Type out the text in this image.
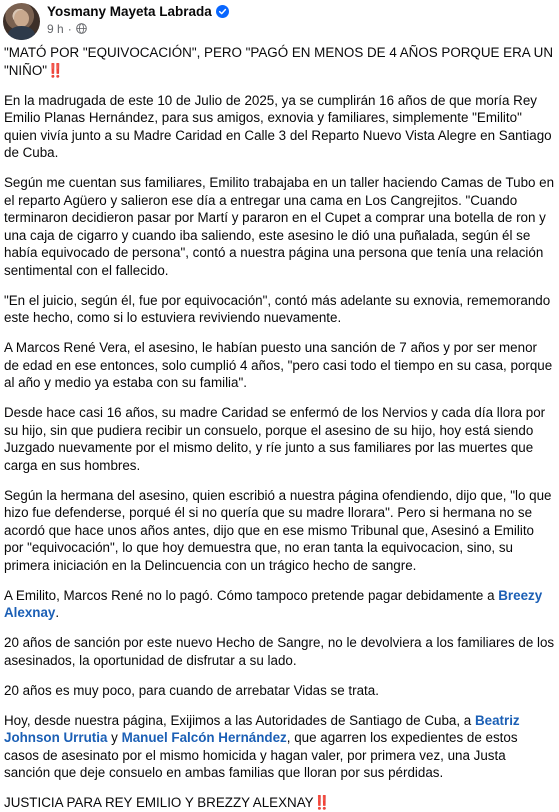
Yosmany Mayeta Labrada
9 h ·

"MATÓ POR "EQUIVOCACIÓN", PERO "PAGÓ EN MENOS DE 4 AÑOS PORQUE ERA UN "NIÑO"‼️

En la madrugada de este 10 de Julio de 2025, ya se cumplirán 16 años de que moría Rey Emilio Planas Hernández, para sus amigos, exnovia y familiares, simplemente "Emilito" quien vivía junto a su Madre Caridad en Calle 3 del Reparto Nuevo Vista Alegre en Santiago de Cuba.

Según me cuentan sus familiares, Emilito trabajaba en un taller haciendo Camas de Tubo en el reparto Agüero y salieron ese día a entregar una cama en Los Cangrejitos. "Cuando terminaron decidieron pasar por Martí y pararon en el Cupet a comprar una botella de ron y una caja de cigarro y cuando iba saliendo, este asesino le dió una puñalada, según él se había equivocado de persona", contó a nuestra página una persona que tenía una relación sentimental con el fallecido.

"En el juicio, según él, fue por equivocación", contó más adelante su exnovia, rememorando este hecho, como si lo estuviera reviviendo nuevamente.

A Marcos René Vera, el asesino, le habían puesto una sanción de 7 años y por ser menor de edad en ese entonces, solo cumplió 4 años, "pero casi todo el tiempo en su casa, porque al año y medio ya estaba con su familia".

Desde hace casi 16 años, su madre Caridad se enfermó de los Nervios y cada día llora por su hijo, sin que pudiera recibir un consuelo, porque el asesino de su hijo, hoy está siendo Juzgado nuevamente por el mismo delito, y ríe junto a sus familiares por las muertes que carga en sus hombres.

Según la hermana del asesino, quien escribió a nuestra página ofendiendo, dijo que, "lo que hizo fue defenderse, porqué él si no quería que su madre llorara". Pero si hermana no se acordó que hace unos años antes, dijo que en ese mismo Tribunal que, Asesinó a Emilito por "equivocación", lo que hoy demuestra que, no eran tanta la equivocacion, sino, su primera iniciación en la Delincuencia con un trágico hecho de sangre.

A Emilito, Marcos René no lo pagó. Cómo tampoco pretende pagar debidamente a Breezy Alexnay.

20 años de sanción por este nuevo Hecho de Sangre, no le devolviera a los familiares de los asesinados, la oportunidad de disfrutar a su lado.

20 años es muy poco, para cuando de arrebatar Vidas se trata.

Hoy, desde nuestra página, Exijimos a las Autoridades de Santiago de Cuba, a Beatriz Johnson Urrutia y Manuel Falcón Hernández, que agarren los expedientes de estos casos de asesinato por el mismo homicida y hagan valer, por primera vez, una Justa sanción que deje consuelo en ambas familias que lloran por sus pérdidas.

JUSTICIA PARA REY EMILIO Y BREZZY ALEXNAY‼️
